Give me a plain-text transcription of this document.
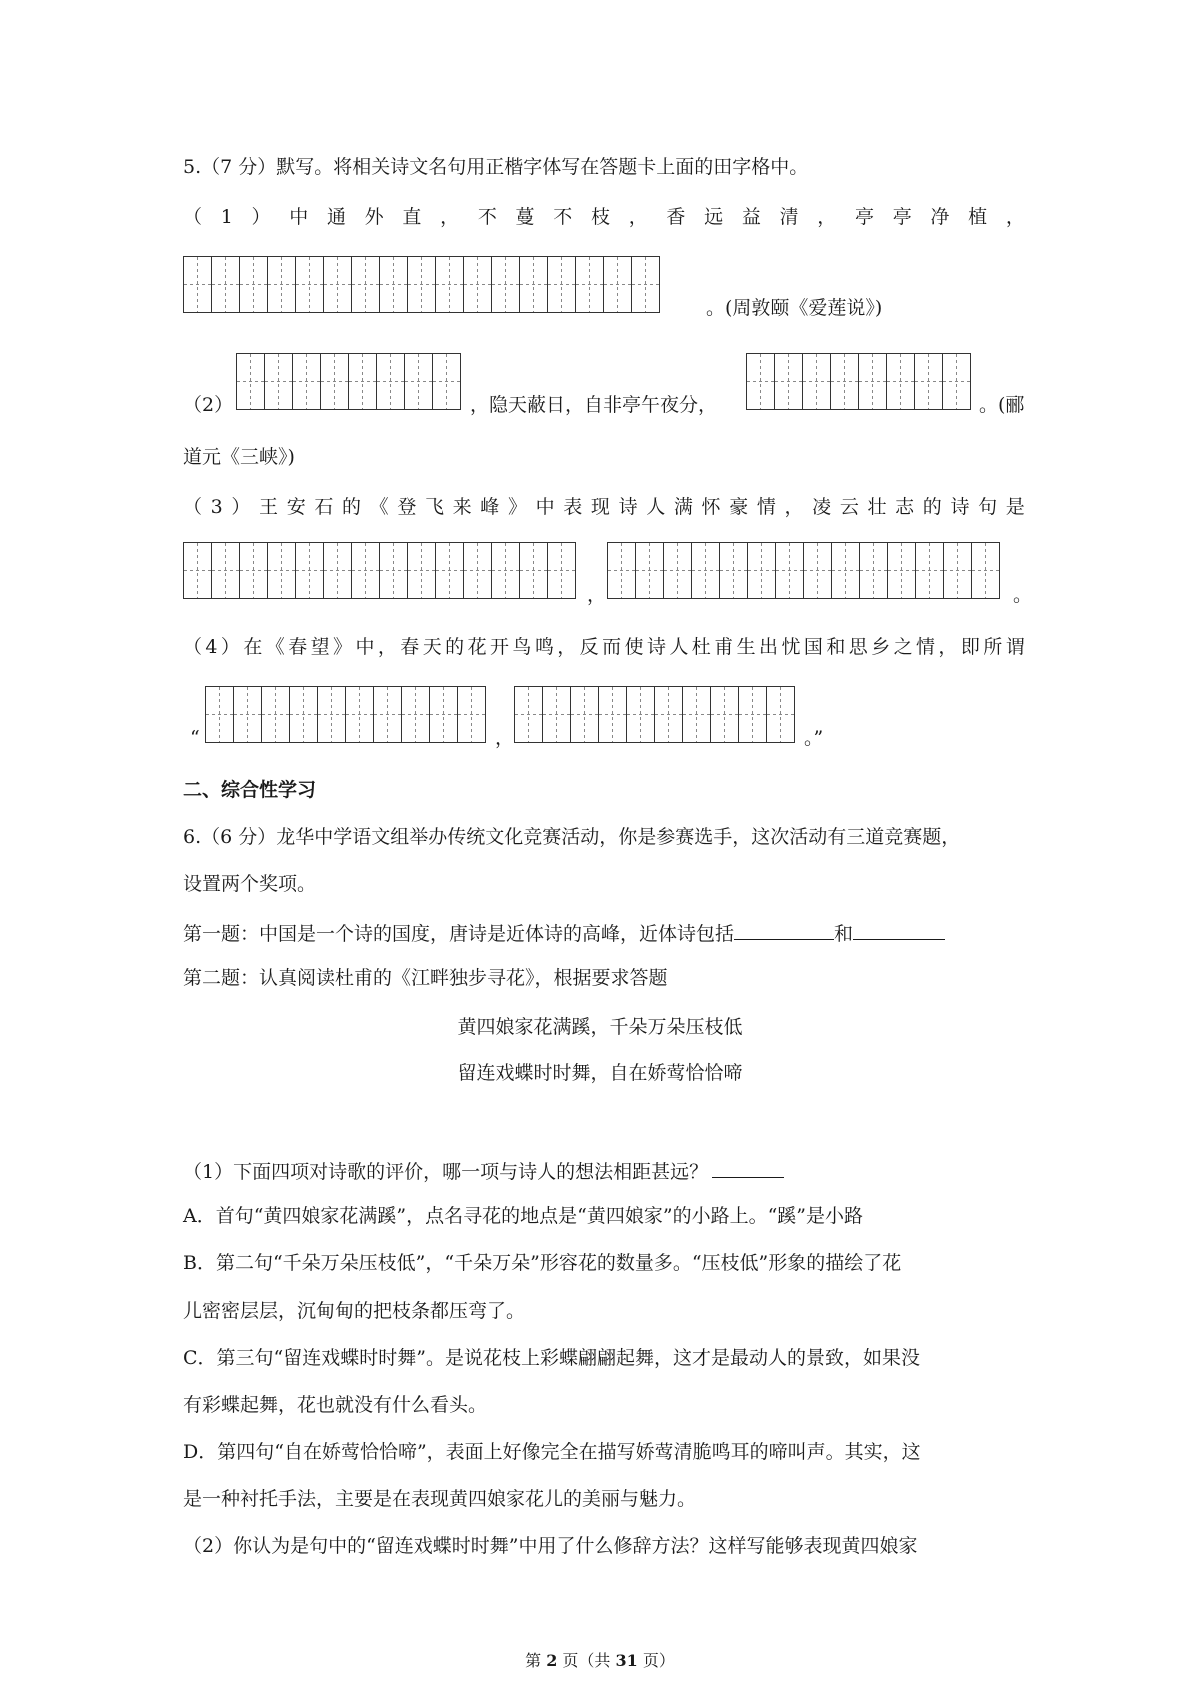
5.（7 分）默写。将相关诗文名句用正楷字体写在答题卡上面的田字格中。
（ 1 ） 中 通 外 直 ， 不 蔓 不 枝 ， 香 远 益 清 ， 亭 亭 净 植 ，
。(周敦颐《爱莲说》)
（2）	，隐天蔽日，自非亭午夜分，	。(郦
道元《三峡》)
（ 3 ） 王 安 石 的 《 登 飞 来 峰 》 中 表 现 诗 人 满 怀 豪 情 ， 凌 云 壮 志 的 诗 句 是
，	。
（ 4 ） 在 《 春 望 》 中 ， 春 天 的 花 开 鸟 鸣 ， 反 而 使 诗 人 杜 甫 生 出 忧 国 和 思 乡 之 情 ， 即 所 谓
“	，	。”
二、综合性学习
6.（6 分）龙华中学语文组举办传统文化竞赛活动，你是参赛选手，这次活动有三道竞赛题，
设置两个奖项。
第一题：中国是一个诗的国度，唐诗是近体诗的高峰，近体诗包括	和
第二题：认真阅读杜甫的《江畔独步寻花》，根据要求答题
黄四娘家花满蹊，千朵万朵压枝低
留连戏蝶时时舞，自在娇莺恰恰啼
（1）下面四项对诗歌的评价，哪一项与诗人的想法相距甚远？
A．首句“黄四娘家花满蹊”，点名寻花的地点是“黄四娘家”的小路上。“蹊”是小路
B．第二句“千朵万朵压枝低”，“千朵万朵”形容花的数量多。“压枝低”形象的描绘了花
儿密密层层，沉甸甸的把枝条都压弯了。
C．第三句“留连戏蝶时时舞”。是说花枝上彩蝶翩翩起舞，这才是最动人的景致，如果没
有彩蝶起舞，花也就没有什么看头。
D．第四句“自在娇莺恰恰啼”，表面上好像完全在描写娇莺清脆鸣耳的啼叫声。其实，这
是一种衬托手法，主要是在表现黄四娘家花儿的美丽与魅力。
（2）你认为是句中的“留连戏蝶时时舞”中用了什么修辞方法？这样写能够表现黄四娘家
第 2 页（共 31 页）
